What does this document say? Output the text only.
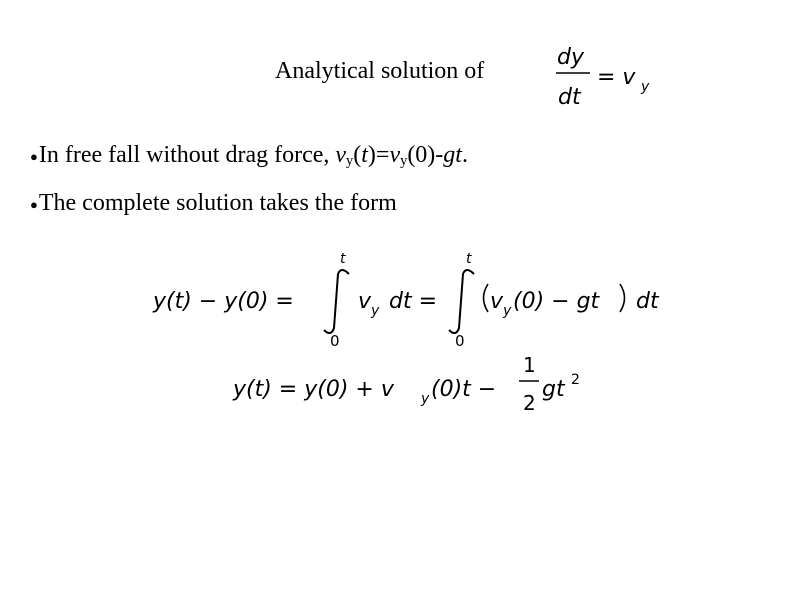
Analytical solution of
●In free fall without drag force, $v_y(t)=v_y(0)-gt$.
●The complete solution takes the form
dy
dt
= v y
y(t) − y(0) =
t
0
v y dt =
t
0
v y (0) − gt dt
y(t) = y(0) + v y (0)t −
1
2
gt 2
